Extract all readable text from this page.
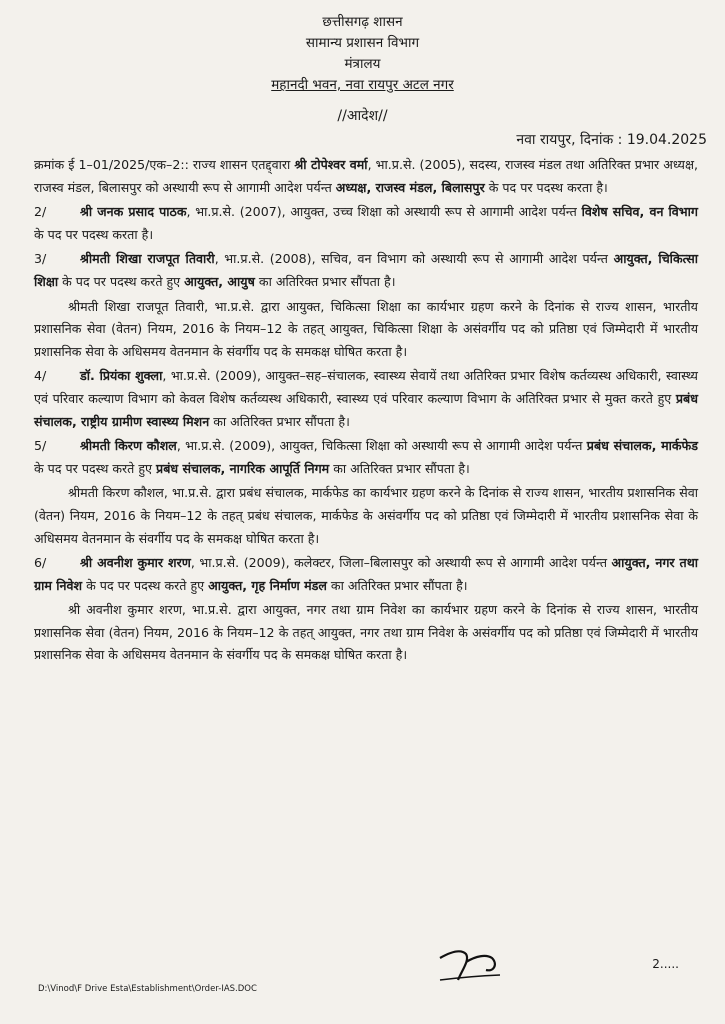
छत्तीसगढ़ शासन
सामान्य प्रशासन विभाग
मंत्रालय
महानदी भवन, नवा रायपुर अटल नगर
//आदेश//
नवा रायपुर, दिनांक : 19.04.2025

क्रमांक ई 1–01/2025/एक–2:: राज्य शासन एतद्द्वारा श्री टोपेश्वर वर्मा, भा.प्र.से. (2005), सदस्य, राजस्व मंडल तथा अतिरिक्त प्रभार अध्यक्ष, राजस्व मंडल, बिलासपुर को अस्थायी रूप से आगामी आदेश पर्यन्त अध्यक्ष, राजस्व मंडल, बिलासपुर के पद पर पदस्थ करता है।

2/	श्री जनक प्रसाद पाठक, भा.प्र.से. (2007), आयुक्त, उच्च शिक्षा को अस्थायी रूप से आगामी आदेश पर्यन्त विशेष सचिव, वन विभाग के पद पर पदस्थ करता है।

3/	श्रीमती शिखा राजपूत तिवारी, भा.प्र.से. (2008), सचिव, वन विभाग को अस्थायी रूप से आगामी आदेश पर्यन्त आयुक्त, चिकित्सा शिक्षा के पद पर पदस्थ करते हुए आयुक्त, आयुष का अतिरिक्त प्रभार सौंपता है।

श्रीमती शिखा राजपूत तिवारी, भा.प्र.से. द्वारा आयुक्त, चिकित्सा शिक्षा का कार्यभार ग्रहण करने के दिनांक से राज्य शासन, भारतीय प्रशासनिक सेवा (वेतन) नियम, 2016 के नियम–12 के तहत् आयुक्त, चिकित्सा शिक्षा के असंवर्गीय पद को प्रतिष्ठा एवं जिम्मेदारी में भारतीय प्रशासनिक सेवा के अधिसमय वेतनमान के संवर्गीय पद के समकक्ष घोषित करता है।

4/	डॉ. प्रियंका शुक्ला, भा.प्र.से. (2009), आयुक्त–सह–संचालक, स्वास्थ्य सेवायें तथा अतिरिक्त प्रभार विशेष कर्तव्यस्थ अधिकारी, स्वास्थ्य एवं परिवार कल्याण विभाग को केवल विशेष कर्तव्यस्थ अधिकारी, स्वास्थ्य एवं परिवार कल्याण विभाग के अतिरिक्त प्रभार से मुक्त करते हुए प्रबंध संचालक, राष्ट्रीय ग्रामीण स्वास्थ्य मिशन का अतिरिक्त प्रभार सौंपता है।

5/	श्रीमती किरण कौशल, भा.प्र.से. (2009), आयुक्त, चिकित्सा शिक्षा को अस्थायी रूप से आगामी आदेश पर्यन्त प्रबंध संचालक, मार्कफेड के पद पर पदस्थ करते हुए प्रबंध संचालक, नागरिक आपूर्ति निगम का अतिरिक्त प्रभार सौंपता है।

श्रीमती किरण कौशल, भा.प्र.से. द्वारा प्रबंध संचालक, मार्कफेड का कार्यभार ग्रहण करने के दिनांक से राज्य शासन, भारतीय प्रशासनिक सेवा (वेतन) नियम, 2016 के नियम–12 के तहत् प्रबंध संचालक, मार्कफेड के असंवर्गीय पद को प्रतिष्ठा एवं जिम्मेदारी में भारतीय प्रशासनिक सेवा के अधिसमय वेतनमान के संवर्गीय पद के समकक्ष घोषित करता है।

6/	श्री अवनीश कुमार शरण, भा.प्र.से. (2009), कलेक्टर, जिला–बिलासपुर को अस्थायी रूप से आगामी आदेश पर्यन्त आयुक्त, नगर तथा ग्राम निवेश के पद पर पदस्थ करते हुए आयुक्त, गृह निर्माण मंडल का अतिरिक्त प्रभार सौंपता है।

श्री अवनीश कुमार शरण, भा.प्र.से. द्वारा आयुक्त, नगर तथा ग्राम निवेश का कार्यभार ग्रहण करने के दिनांक से राज्य शासन, भारतीय प्रशासनिक सेवा (वेतन) नियम, 2016 के नियम–12 के तहत् आयुक्त, नगर तथा ग्राम निवेश के असंवर्गीय पद को प्रतिष्ठा एवं जिम्मेदारी में भारतीय प्रशासनिक सेवा के अधिसमय वेतनमान के संवर्गीय पद के समकक्ष घोषित करता है।

2.....
D:\Vinod\F Drive Esta\Establishment\Order-IAS.DOC
